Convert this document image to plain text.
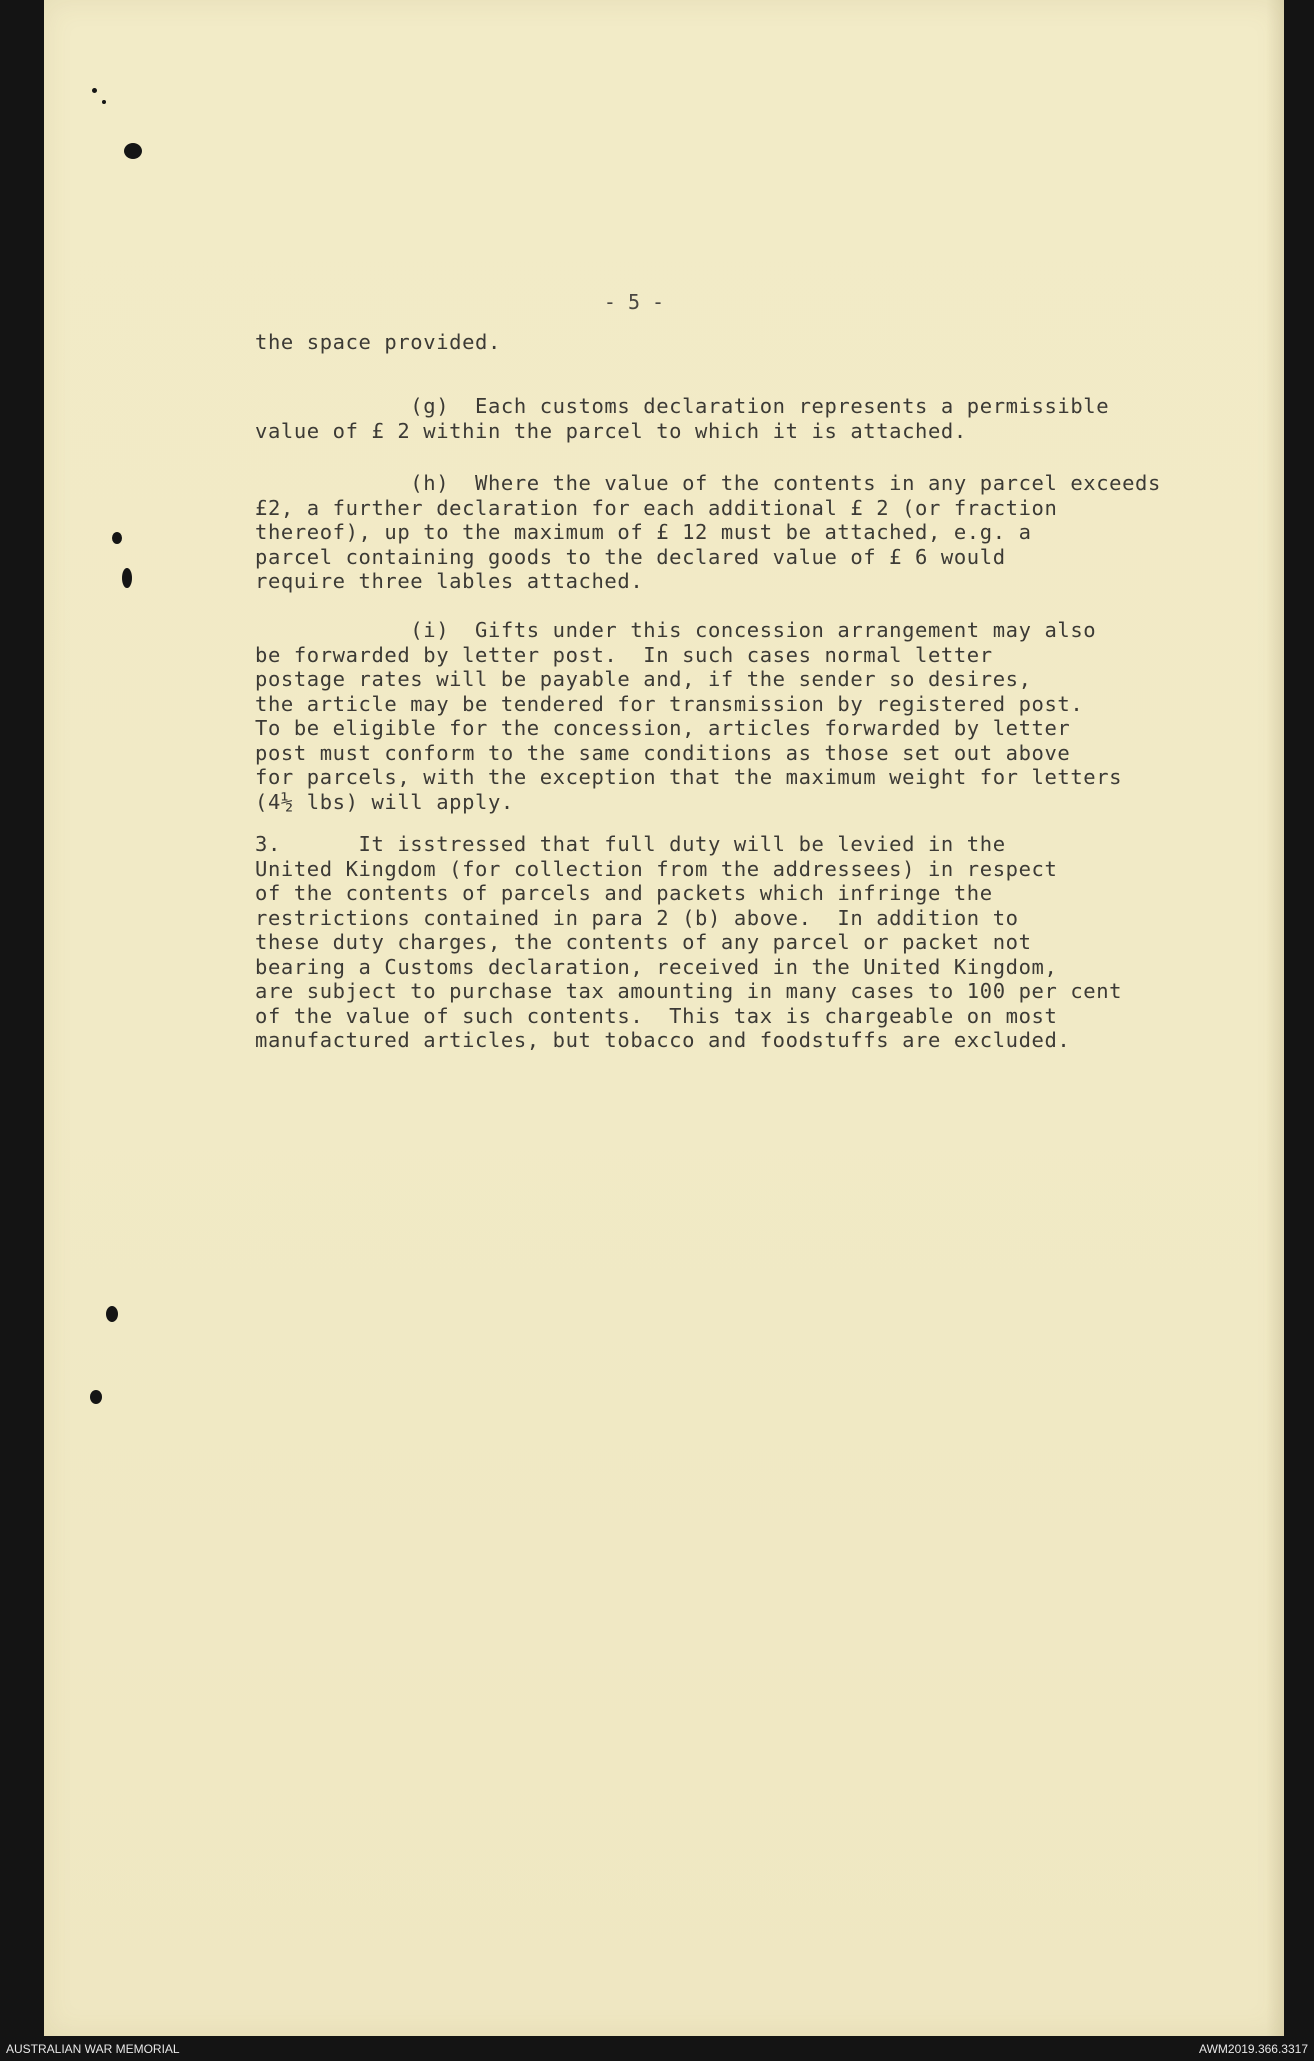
- 5 -

the space provided.

(g)  Each customs declaration represents a permissible
value of £ 2 within the parcel to which it is attached.

(h)  Where the value of the contents in any parcel exceeds
£2, a further declaration for each additional £ 2 (or fraction
thereof), up to the maximum of £ 12 must be attached, e.g. a
parcel containing goods to the declared value of £ 6 would
require three lables attached.

(i)  Gifts under this concession arrangement may also
be forwarded by letter post.  In such cases normal letter
postage rates will be payable and, if the sender so desires,
the article may be tendered for transmission by registered post.
To be eligible for the concession, articles forwarded by letter
post must conform to the same conditions as those set out above
for parcels, with the exception that the maximum weight for letters
(4½ lbs) will apply.

3.      It isstressed that full duty will be levied in the
United Kingdom (for collection from the addressees) in respect
of the contents of parcels and packets which infringe the
restrictions contained in para 2 (b) above.  In addition to
these duty charges, the contents of any parcel or packet not
bearing a Customs declaration, received in the United Kingdom,
are subject to purchase tax amounting in many cases to 100 per cent
of the value of such contents.  This tax is chargeable on most
manufactured articles, but tobacco and foodstuffs are excluded.

AUSTRALIAN WAR MEMORIAL	AWM2019.366.3317
